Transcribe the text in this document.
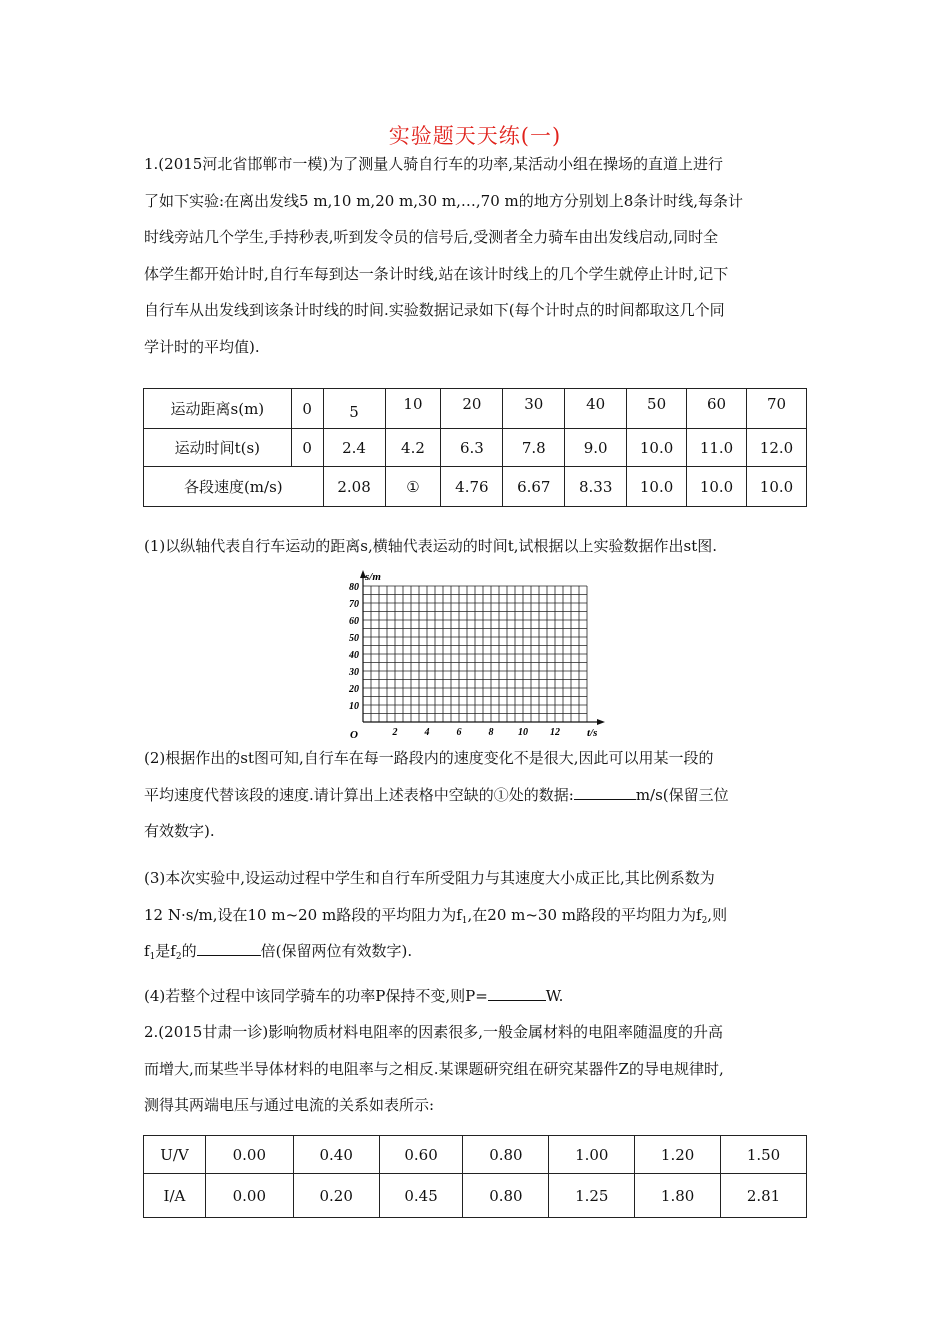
实验题天天练(一)
1.(2015河北省邯郸市一模)为了测量人骑自行车的功率,某活动小组在操场的直道上进行
了如下实验:在离出发线5 m,10 m,20 m,30 m,…,70 m的地方分别划上8条计时线,每条计
时线旁站几个学生,手持秒表,听到发令员的信号后,受测者全力骑车由出发线启动,同时全
体学生都开始计时,自行车每到达一条计时线,站在该计时线上的几个学生就停止计时,记下
自行车从出发线到该条计时线的时间.实验数据记录如下(每个计时点的时间都取这几个同
学计时的平均值).
运动距离s(m)	0	5	10	20	30	40	50	60	70
运动时间t(s)	0	2.4	4.2	6.3	7.8	9.0	10.0	11.0	12.0
各段速度(m/s)		2.08	①	4.76	6.67	8.33	10.0	10.0	10.0
(1)以纵轴代表自行车运动的距离s,横轴代表运动的时间t,试根据以上实验数据作出st图.
2	4	6	8 10 12
10
20
30
40
50
60
70
80
s/m
t/s
O
(2)根据作出的st图可知,自行车在每一路段内的速度变化不是很大,因此可以用某一段的
平均速度代替该段的速度.请计算出上述表格中空缺的①处的数据:	m/s(保留三位
有效数字).
(3)本次实验中,设运动过程中学生和自行车所受阻力与其速度大小成正比,其比例系数为
12 N·s/m,设在10 m~20 m路段的平均阻力为$f_1$,在20 m~30 m路段的平均阻力为$f_2$,则
$f_1$是$f_2$的	倍(保留两位有效数字).
(4)若整个过程中该同学骑车的功率P保持不变,则P=	W.
2.(2015甘肃一诊)影响物质材料电阻率的因素很多,一般金属材料的电阻率随温度的升高
而增大,而某些半导体材料的电阻率与之相反.某课题研究组在研究某器件Z的导电规律时,
测得其两端电压与通过电流的关系如表所示:
U/V	0.00	0.40	0.60	0.80	1.00	1.20	1.50
I/A	0.00	0.20	0.45	0.80	1.25	1.80	2.81
